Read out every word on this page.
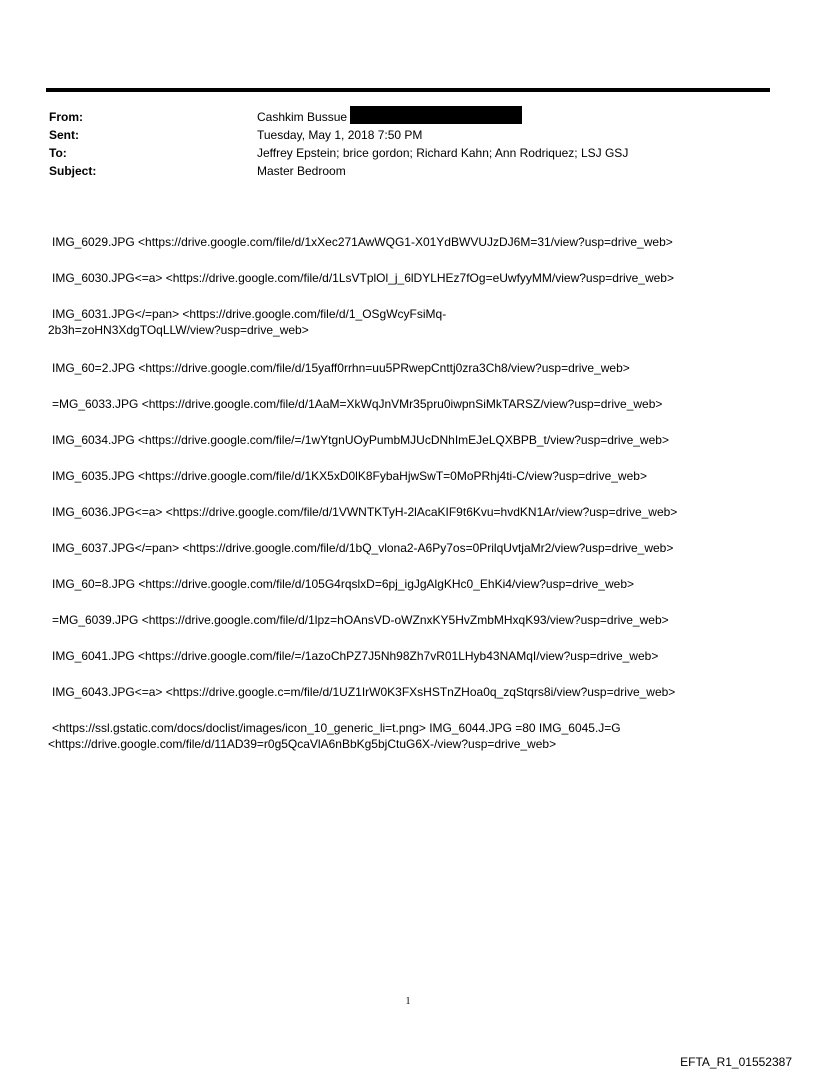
From:	Cashkim Bussue
Sent:	Tuesday, May 1, 2018 7:50 PM
To:	Jeffrey Epstein; brice gordon; Richard Kahn; Ann Rodriquez; LSJ GSJ
Subject:	Master Bedroom
IMG_6029.JPG <https://drive.google.com/file/d/1xXec271AwWQG1-X01YdBWVUJzDJ6M=31/view?usp=drive_web>
IMG_6030.JPG<=a> <https://drive.google.com/file/d/1LsVTplOl_j_6lDYLHEz7fOg=eUwfyyMM/view?usp=drive_web>
IMG_6031.JPG</=pan> <https://drive.google.com/file/d/1_OSgWcyFsiMq-
2b3h=zoHN3XdgTOqLLW/view?usp=drive_web>
IMG_60=2.JPG <https://drive.google.com/file/d/15yaff0rrhn=uu5PRwepCnttj0zra3Ch8/view?usp=drive_web>
=MG_6033.JPG <https://drive.google.com/file/d/1AaM=XkWqJnVMr35pru0iwpnSiMkTARSZ/view?usp=drive_web>
IMG_6034.JPG <https://drive.google.com/file/=/1wYtgnUOyPumbMJUcDNhImEJeLQXBPB_t/view?usp=drive_web>
IMG_6035.JPG <https://drive.google.com/file/d/1KX5xD0lK8FybaHjwSwT=0MoPRhj4ti-C/view?usp=drive_web>
IMG_6036.JPG<=a> <https://drive.google.com/file/d/1VWNTKTyH-2lAcaKIF9t6Kvu=hvdKN1Ar/view?usp=drive_web>
IMG_6037.JPG</=pan> <https://drive.google.com/file/d/1bQ_vlona2-A6Py7os=0PrilqUvtjaMr2/view?usp=drive_web>
IMG_60=8.JPG <https://drive.google.com/file/d/105G4rqslxD=6pj_igJgAlgKHc0_EhKi4/view?usp=drive_web>
=MG_6039.JPG <https://drive.google.com/file/d/1lpz=hOAnsVD-oWZnxKY5HvZmbMHxqK93/view?usp=drive_web>
IMG_6041.JPG <https://drive.google.com/file/=/1azoChPZ7J5Nh98Zh7vR01LHyb43NAMqI/view?usp=drive_web>
IMG_6043.JPG<=a> <https://drive.google.c=m/file/d/1UZ1IrW0K3FXsHSTnZHoa0q_zqStqrs8i/view?usp=drive_web>
<https://ssl.gstatic.com/docs/doclist/images/icon_10_generic_li=t.png> IMG_6044.JPG =80 IMG_6045.J=G
<https://drive.google.com/file/d/11AD39=r0g5QcaVlA6nBbKg5bjCtuG6X-/view?usp=drive_web>
1
EFTA_R1_01552387
